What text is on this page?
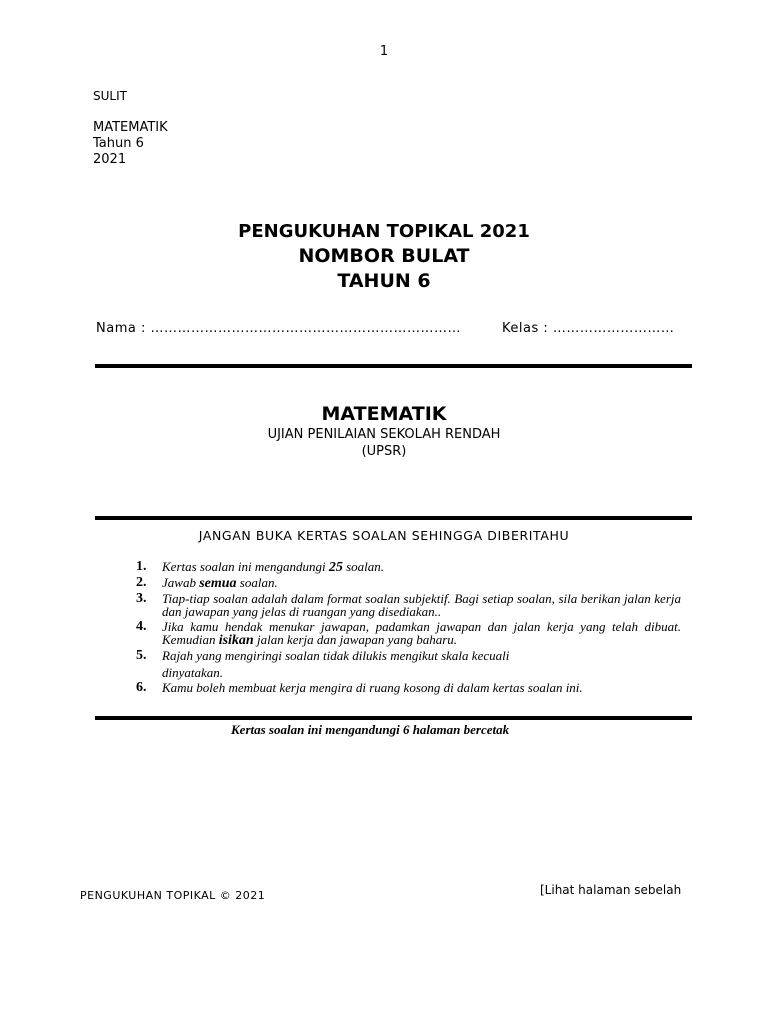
1
SULIT
MATEMATIK
Tahun 6
2021
PENGUKUHAN TOPIKAL 2021
NOMBOR BULAT
TAHUN 6
Nama : ……………………………………………………………	Kelas : ………………………
MATEMATIK
UJIAN PENILAIAN SEKOLAH RENDAH
(UPSR)
JANGAN BUKA KERTAS SOALAN SEHINGGA DIBERITAHU
1.	Kertas soalan ini mengandungi 25 soalan.
2.	Jawab semua soalan.
3.	Tiap-tiap soalan adalah dalam format soalan subjektif. Bagi setiap soalan, sila berikan jalan kerja dan jawapan yang jelas di ruangan yang disediakan..
4.	Jika kamu hendak menukar jawapan, padamkan jawapan dan jalan kerja yang telah dibuat. Kemudian isikan jalan kerja dan jawapan yang baharu.
5.	Rajah yang mengiringi soalan tidak dilukis mengikut skala kecuali
dinyatakan.
6.	Kamu boleh membuat kerja mengira di ruang kosong di dalam kertas soalan ini.
Kertas soalan ini mengandungi 6 halaman bercetak
PENGUKUHAN TOPIKAL © 2021	[Lihat halaman sebelah
